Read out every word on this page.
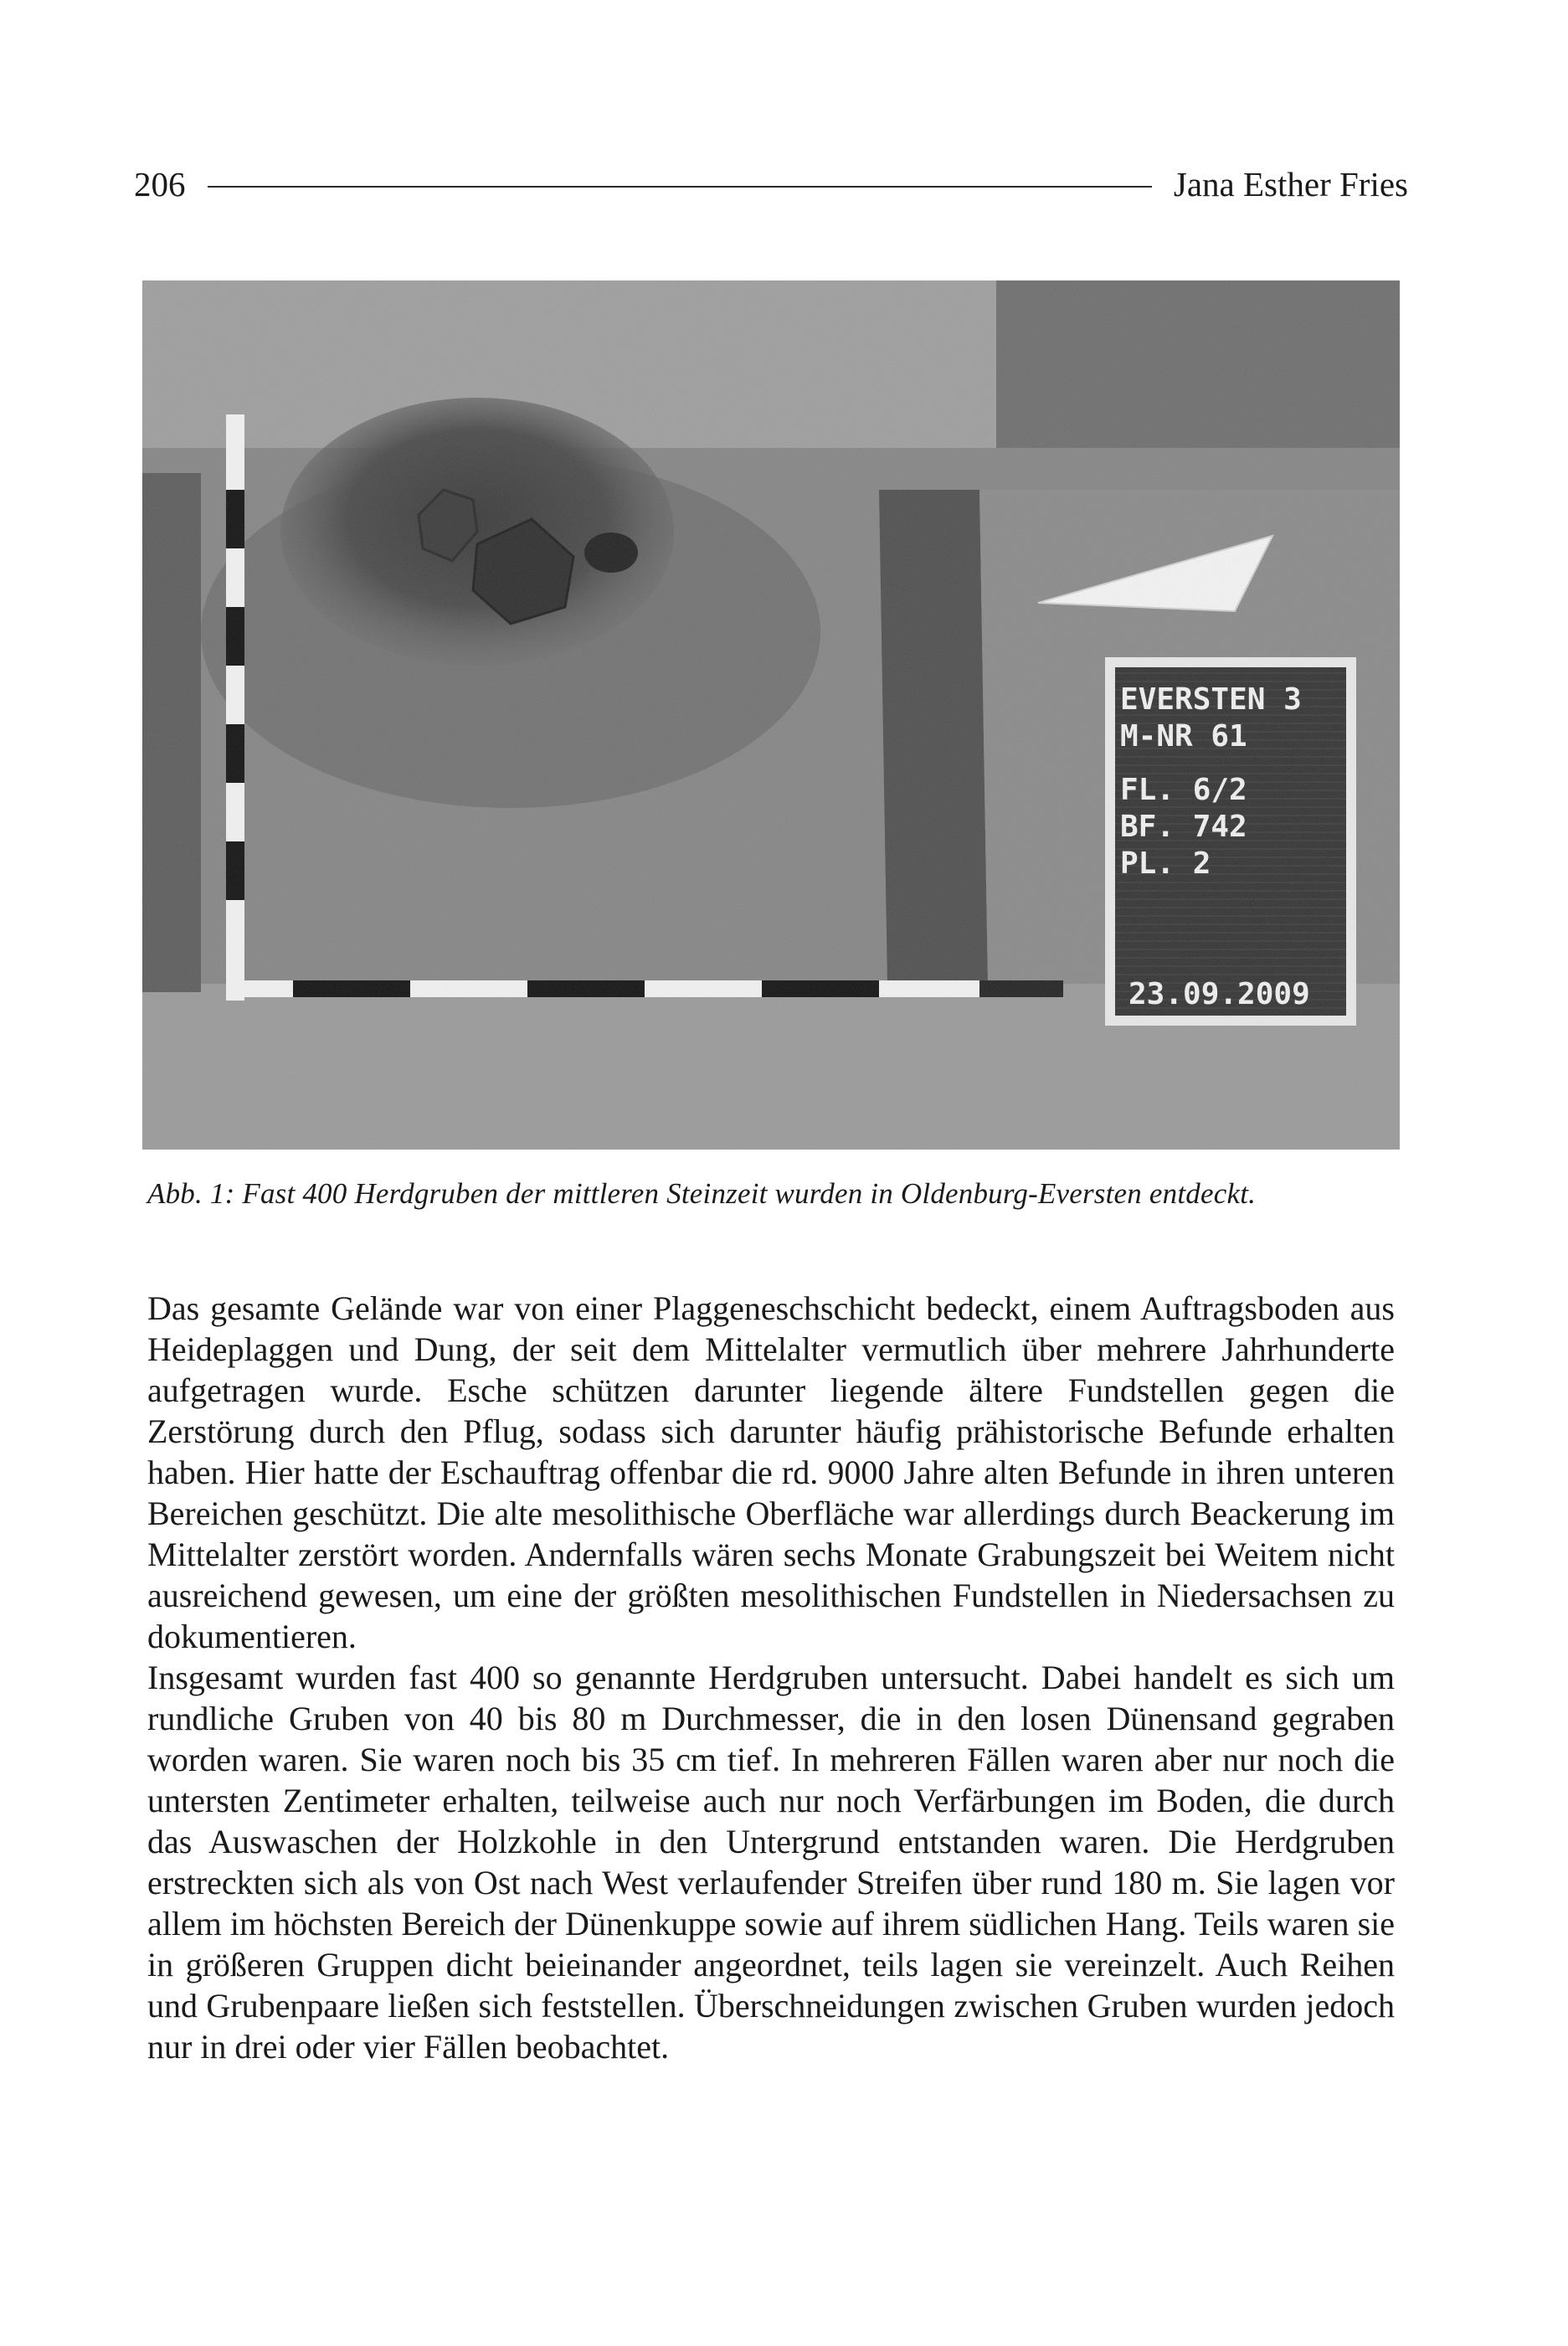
206	Jana Esther Fries
Abb. 1: Fast 400 Herdgruben der mittleren Steinzeit wurden in Oldenburg-Eversten entdeckt.

Das gesamte Gelände war von einer Plaggeneschschicht bedeckt, einem Auftragsboden aus Heideplaggen und Dung, der seit dem Mittelalter vermutlich über mehrere Jahrhunderte aufgetragen wurde. Esche schützen darunter liegende ältere Fundstellen gegen die Zerstörung durch den Pflug, sodass sich darunter häufig prähistorische Befunde erhalten haben. Hier hatte der Eschauftrag offenbar die rd. 9000 Jahre alten Befunde in ihren unteren Bereichen geschützt. Die alte mesolithische Oberfläche war allerdings durch Beackerung im Mittelalter zerstört worden. Andernfalls wären sechs Monate Grabungszeit bei Weitem nicht ausreichend gewesen, um eine der größten mesolithischen Fundstellen in Niedersachsen zu dokumentieren.

Insgesamt wurden fast 400 so genannte Herdgruben untersucht. Dabei handelt es sich um rundliche Gruben von 40 bis 80 m Durchmesser, die in den losen Dünensand gegraben worden waren. Sie waren noch bis 35 cm tief. In mehreren Fällen waren aber nur noch die untersten Zentimeter erhalten, teilweise auch nur noch Verfärbungen im Boden, die durch das Auswaschen der Holzkohle in den Untergrund entstanden waren. Die Herdgruben erstreckten sich als von Ost nach West verlaufender Streifen über rund 180 m. Sie lagen vor allem im höchsten Bereich der Dünenkuppe sowie auf ihrem südlichen Hang. Teils waren sie in größeren Gruppen dicht beieinander angeordnet, teils lagen sie vereinzelt. Auch Reihen und Grubenpaare ließen sich feststellen. Überschneidungen zwischen Gruben wurden jedoch nur in drei oder vier Fällen beobachtet.
